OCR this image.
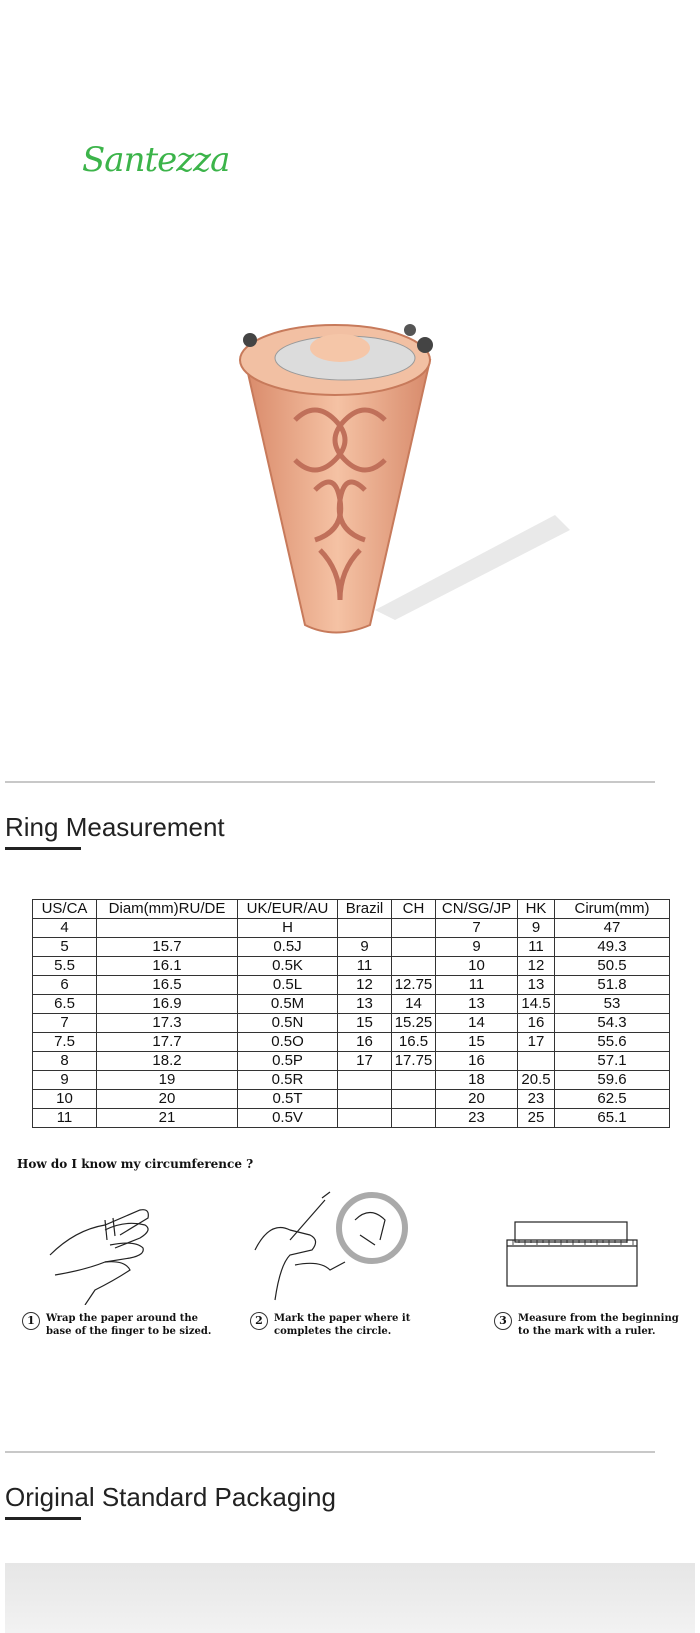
Santezza
Ring Measurement
US/CA	Diam(mm)RU/DE	UK/EUR/AU	Brazil	CH	CN/SG/JP	HK	Cirum(mm)
4		H			7	9	47
5	15.7	0.5J	9		9	11	49.3
5.5	16.1	0.5K	11		10	12	50.5
6	16.5	0.5L	12	12.75	11	13	51.8
6.5	16.9	0.5M	13	14	13	14.5	53
7	17.3	0.5N	15	15.25	14	16	54.3
7.5	17.7	0.5O	16	16.5	15	17	55.6
8	18.2	0.5P	17	17.75	16		57.1
9	19	0.5R			18	20.5	59.6
10	20	0.5T			20	23	62.5
11	21	0.5V			23	25	65.1
How do I know my circumference ?
1 Wrap the paper around the
base of the finger to be sized.
2 Mark the paper where it
completes the circle.
3 Measure from the beginning
to the mark with a ruler.
Original Standard Packaging
